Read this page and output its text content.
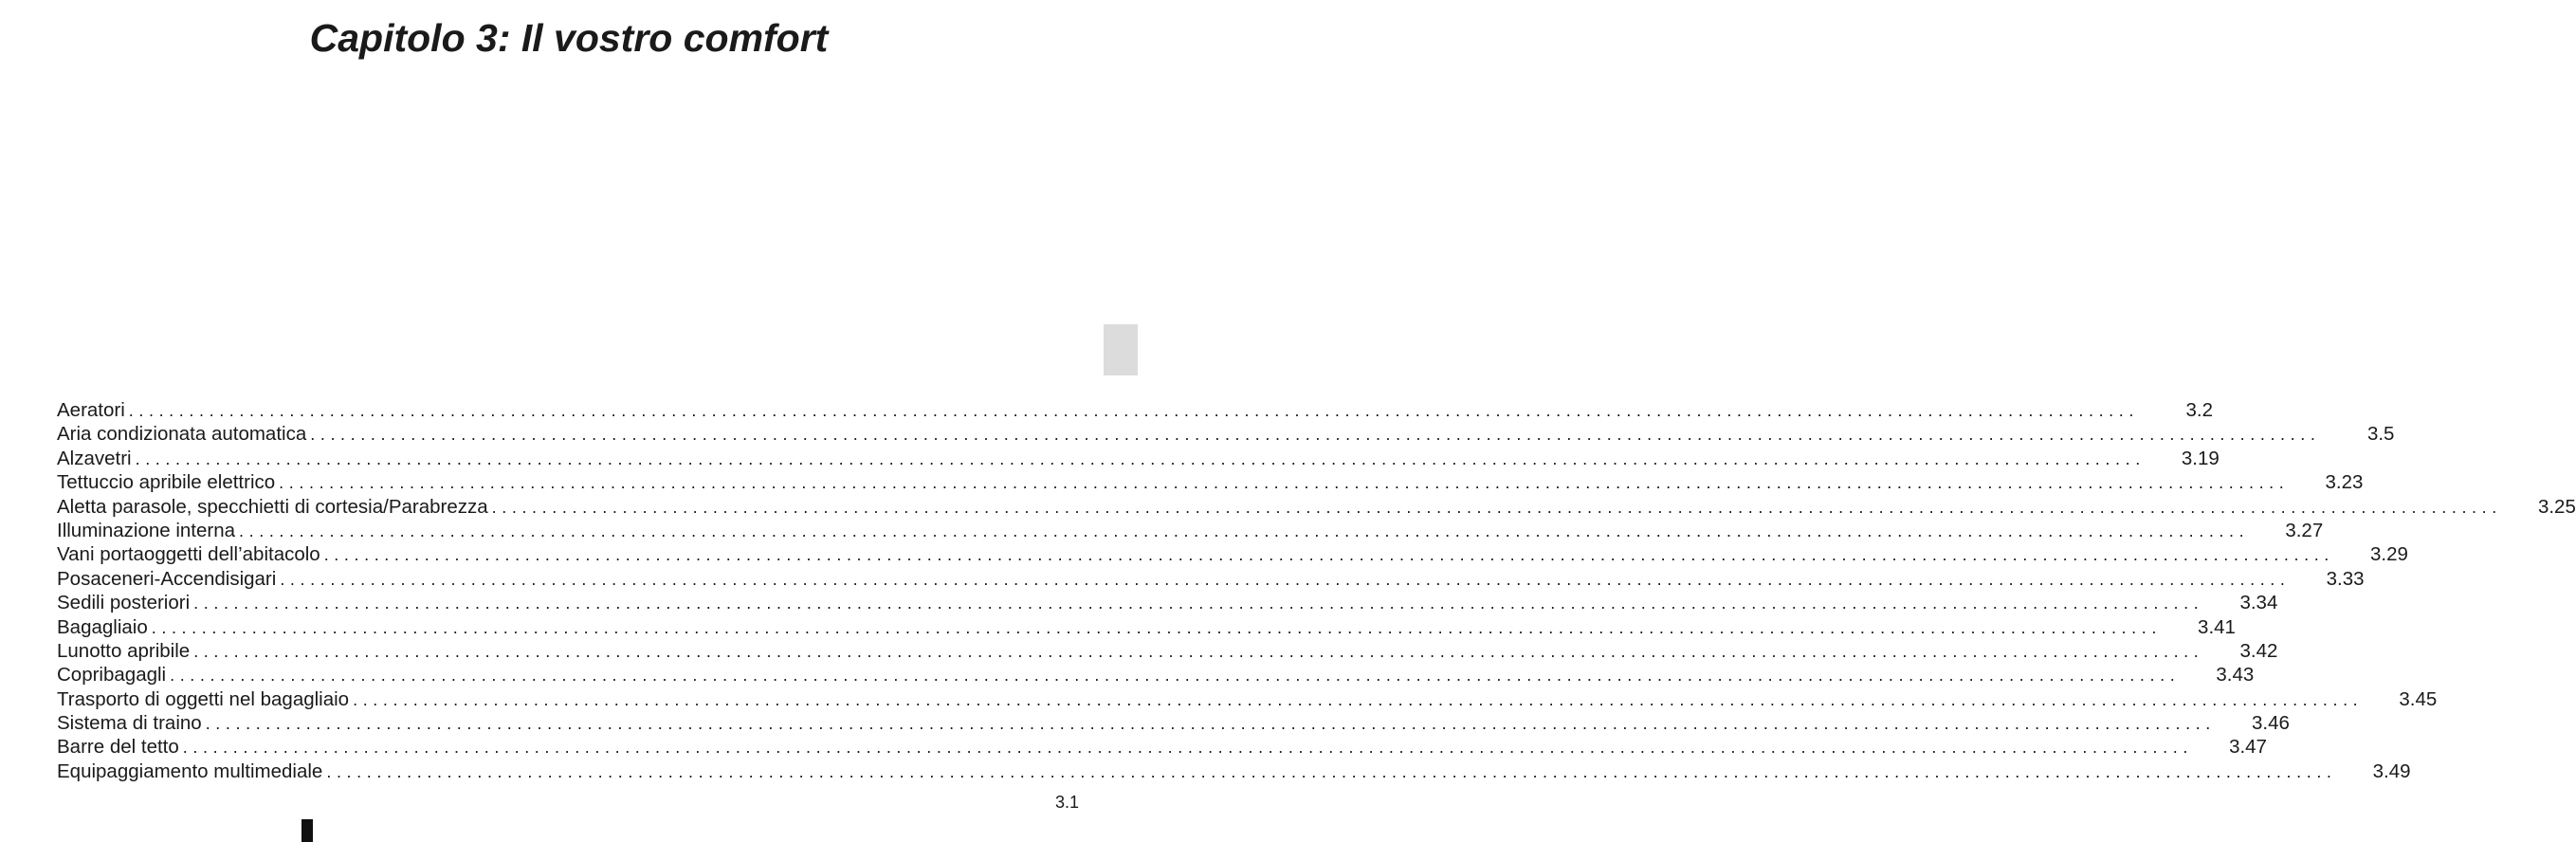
Capitolo 3: Il vostro comfort
Aeratori ........................................................................................................................................................................................................	3.2
Aria condizionata automatica ........................................................................................................................................................................................................	3.5
Alzavetri ........................................................................................................................................................................................................	3.19
Tettuccio apribile elettrico ........................................................................................................................................................................................................	3.23
Aletta parasole, specchietti di cortesia/Parabrezza ........................................................................................................................................................................................................	3.25
Illuminazione interna ........................................................................................................................................................................................................	3.27
Vani portaoggetti dell’abitacolo ........................................................................................................................................................................................................	3.29
Posaceneri-Accendisigari ........................................................................................................................................................................................................	3.33
Sedili posteriori ........................................................................................................................................................................................................	3.34
Bagagliaio ........................................................................................................................................................................................................	3.41
Lunotto apribile ........................................................................................................................................................................................................	3.42
Copribagagli ........................................................................................................................................................................................................	3.43
Trasporto di oggetti nel bagagliaio ........................................................................................................................................................................................................	3.45
Sistema di traino ........................................................................................................................................................................................................	3.46
Barre del tetto ........................................................................................................................................................................................................	3.47
Equipaggiamento multimediale ........................................................................................................................................................................................................	3.49
3.1
